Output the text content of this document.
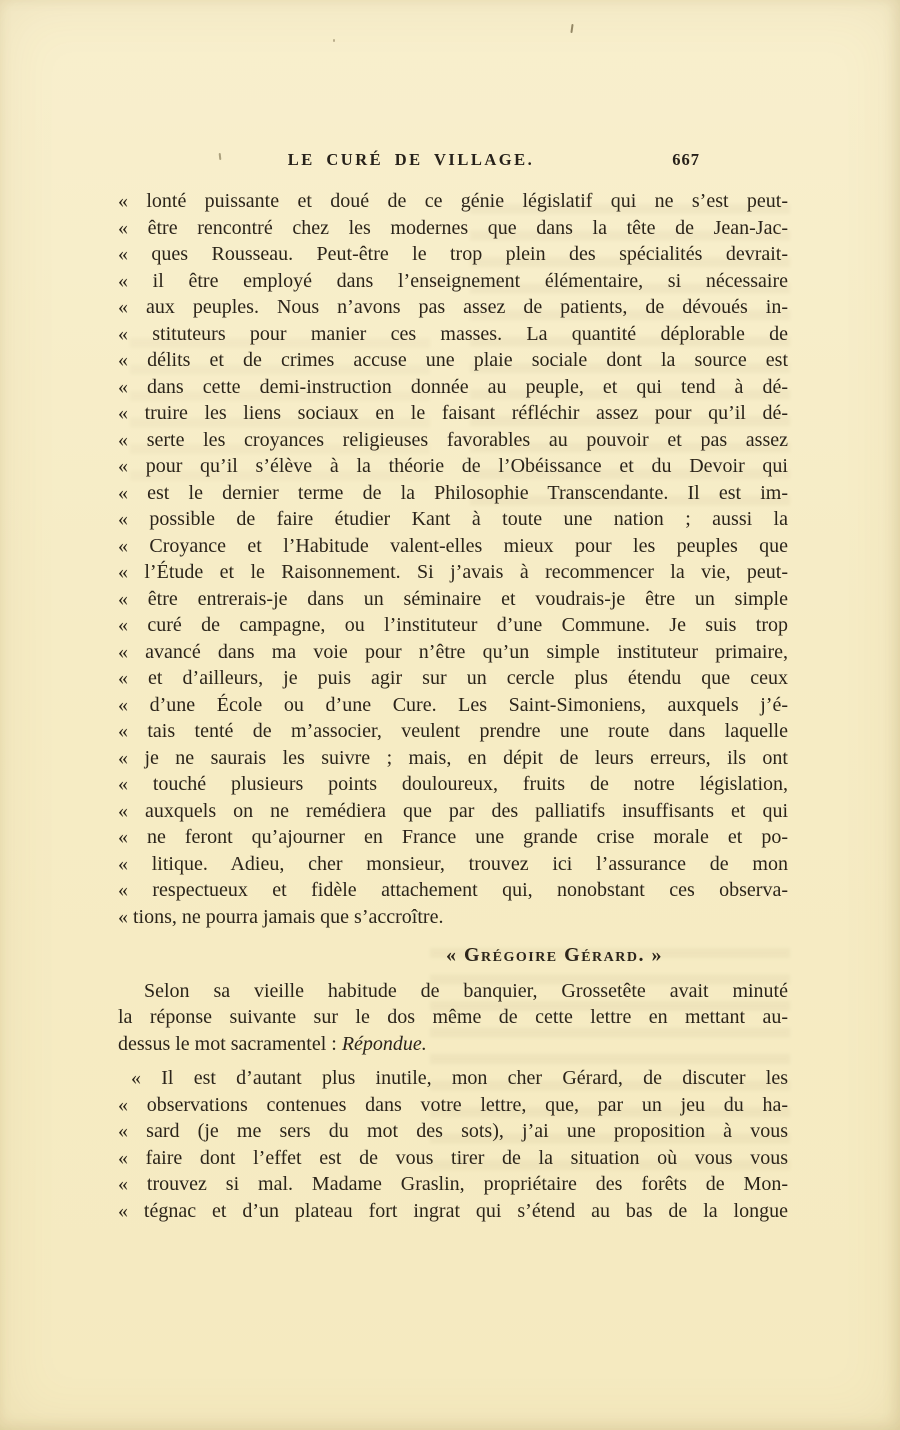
LE CURÉ DE VILLAGE.	667
« lonté puissante et doué de ce génie législatif qui ne s’est peut-
« être rencontré chez les modernes que dans la tête de Jean-Jac-
« ques Rousseau. Peut-être le trop plein des spécialités devrait-
« il être employé dans l’enseignement élémentaire, si nécessaire
« aux peuples. Nous n’avons pas assez de patients, de dévoués in-
« stituteurs pour manier ces masses. La quantité déplorable de
« délits et de crimes accuse une plaie sociale dont la source est
« dans cette demi-instruction donnée au peuple, et qui tend à dé-
« truire les liens sociaux en le faisant réfléchir assez pour qu’il dé-
« serte les croyances religieuses favorables au pouvoir et pas assez
« pour qu’il s’élève à la théorie de l’Obéissance et du Devoir qui
« est le dernier terme de la Philosophie Transcendante. Il est im-
« possible de faire étudier Kant à toute une nation ; aussi la
« Croyance et l’Habitude valent-elles mieux pour les peuples que
« l’Étude et le Raisonnement. Si j’avais à recommencer la vie, peut-
« être entrerais-je dans un séminaire et voudrais-je être un simple
« curé de campagne, ou l’instituteur d’une Commune. Je suis trop
« avancé dans ma voie pour n’être qu’un simple instituteur primaire,
« et d’ailleurs, je puis agir sur un cercle plus étendu que ceux
« d’une École ou d’une Cure. Les Saint-Simoniens, auxquels j’é-
« tais tenté de m’associer, veulent prendre une route dans laquelle
« je ne saurais les suivre ; mais, en dépit de leurs erreurs, ils ont
« touché plusieurs points douloureux, fruits de notre législation,
« auxquels on ne remédiera que par des palliatifs insuffisants et qui
« ne feront qu’ajourner en France une grande crise morale et po-
« litique. Adieu, cher monsieur, trouvez ici l’assurance de mon
« respectueux et fidèle attachement qui, nonobstant ces observa-
« tions, ne pourra jamais que s’accroître.
« Grégoire Gérard. »
Selon sa vieille habitude de banquier, Grossetête avait minuté
la réponse suivante sur le dos même de cette lettre en mettant au-
dessus le mot sacramentel : Répondue.
« Il est d’autant plus inutile, mon cher Gérard, de discuter les
« observations contenues dans votre lettre, que, par un jeu du ha-
« sard (je me sers du mot des sots), j’ai une proposition à vous
« faire dont l’effet est de vous tirer de la situation où vous vous
« trouvez si mal. Madame Graslin, propriétaire des forêts de Mon-
« tégnac et d’un plateau fort ingrat qui s’étend au bas de la longue
